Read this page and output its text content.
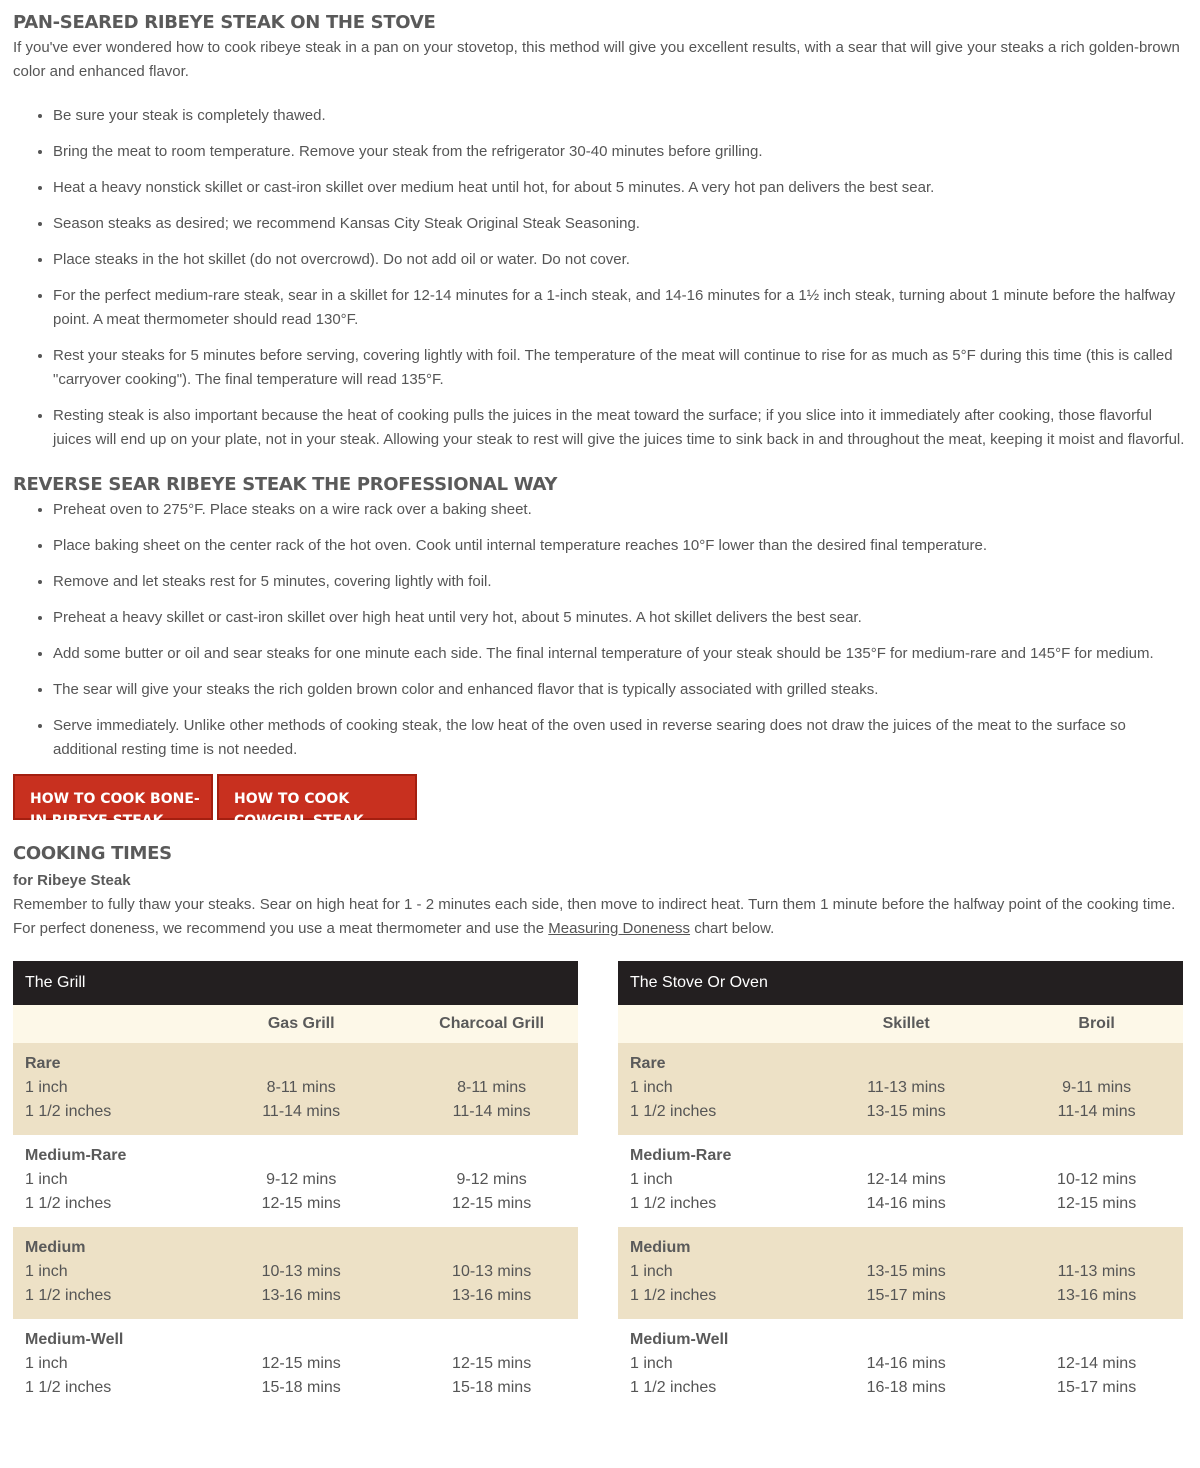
PAN-SEARED RIBEYE STEAK ON THE STOVE

If you've ever wondered how to cook ribeye steak in a pan on your stovetop, this method will give you excellent results, with a sear that will give your steaks a rich golden-brown color and enhanced flavor.

• Be sure your steak is completely thawed.
• Bring the meat to room temperature. Remove your steak from the refrigerator 30-40 minutes before grilling.
• Heat a heavy nonstick skillet or cast-iron skillet over medium heat until hot, for about 5 minutes. A very hot pan delivers the best sear.
• Season steaks as desired; we recommend Kansas City Steak Original Steak Seasoning.
• Place steaks in the hot skillet (do not overcrowd). Do not add oil or water. Do not cover.
• For the perfect medium-rare steak, sear in a skillet for 12-14 minutes for a 1-inch steak, and 14-16 minutes for a 1½ inch steak, turning about 1 minute before the halfway point. A meat thermometer should read 130°F.
• Rest your steaks for 5 minutes before serving, covering lightly with foil. The temperature of the meat will continue to rise for as much as 5°F during this time (this is called "carryover cooking"). The final temperature will read 135°F.
• Resting steak is also important because the heat of cooking pulls the juices in the meat toward the surface; if you slice into it immediately after cooking, those flavorful juices will end up on your plate, not in your steak. Allowing your steak to rest will give the juices time to sink back in and throughout the meat, keeping it moist and flavorful.
REVERSE SEAR RIBEYE STEAK THE PROFESSIONAL WAY
• Preheat oven to 275°F. Place steaks on a wire rack over a baking sheet.
• Place baking sheet on the center rack of the hot oven. Cook until internal temperature reaches 10°F lower than the desired final temperature.
• Remove and let steaks rest for 5 minutes, covering lightly with foil.
• Preheat a heavy skillet or cast-iron skillet over high heat until very hot, about 5 minutes. A hot skillet delivers the best sear.
• Add some butter or oil and sear steaks for one minute each side. The final internal temperature of your steak should be 135°F for medium-rare and 145°F for medium.
• The sear will give your steaks the rich golden brown color and enhanced flavor that is typically associated with grilled steaks.
• Serve immediately. Unlike other methods of cooking steak, the low heat of the oven used in reverse searing does not draw the juices of the meat to the surface so additional resting time is not needed.
HOW TO COOK BONE-IN RIBEYE STEAK
HOW TO COOK COWGIRL STEAK
COOKING TIMES
for Ribeye Steak
Remember to fully thaw your steaks. Sear on high heat for 1 - 2 minutes each side, then move to indirect heat. Turn them 1 minute before the halfway point of the cooking time. For perfect doneness, we recommend you use a meat thermometer and use the Measuring Doneness chart below.
The Grill		
	Gas Grill	Charcoal Grill
Rare		
1 inch	8-11 mins	8-11 mins
1 1/2 inches	11-14 mins	11-14 mins
Medium-Rare		
1 inch	9-12 mins	9-12 mins
1 1/2 inches	12-15 mins	12-15 mins
Medium		
1 inch	10-13 mins	10-13 mins
1 1/2 inches	13-16 mins	13-16 mins
Medium-Well		
1 inch	12-15 mins	12-15 mins
1 1/2 inches	15-18 mins	15-18 mins
The Stove Or Oven		
	Skillet	Broil
Rare		
1 inch	11-13 mins	9-11 mins
1 1/2 inches	13-15 mins	11-14 mins
Medium-Rare		
1 inch	12-14 mins	10-12 mins
1 1/2 inches	14-16 mins	12-15 mins
Medium		
1 inch	13-15 mins	11-13 mins
1 1/2 inches	15-17 mins	13-16 mins
Medium-Well		
1 inch	14-16 mins	12-14 mins
1 1/2 inches	16-18 mins	15-17 mins
